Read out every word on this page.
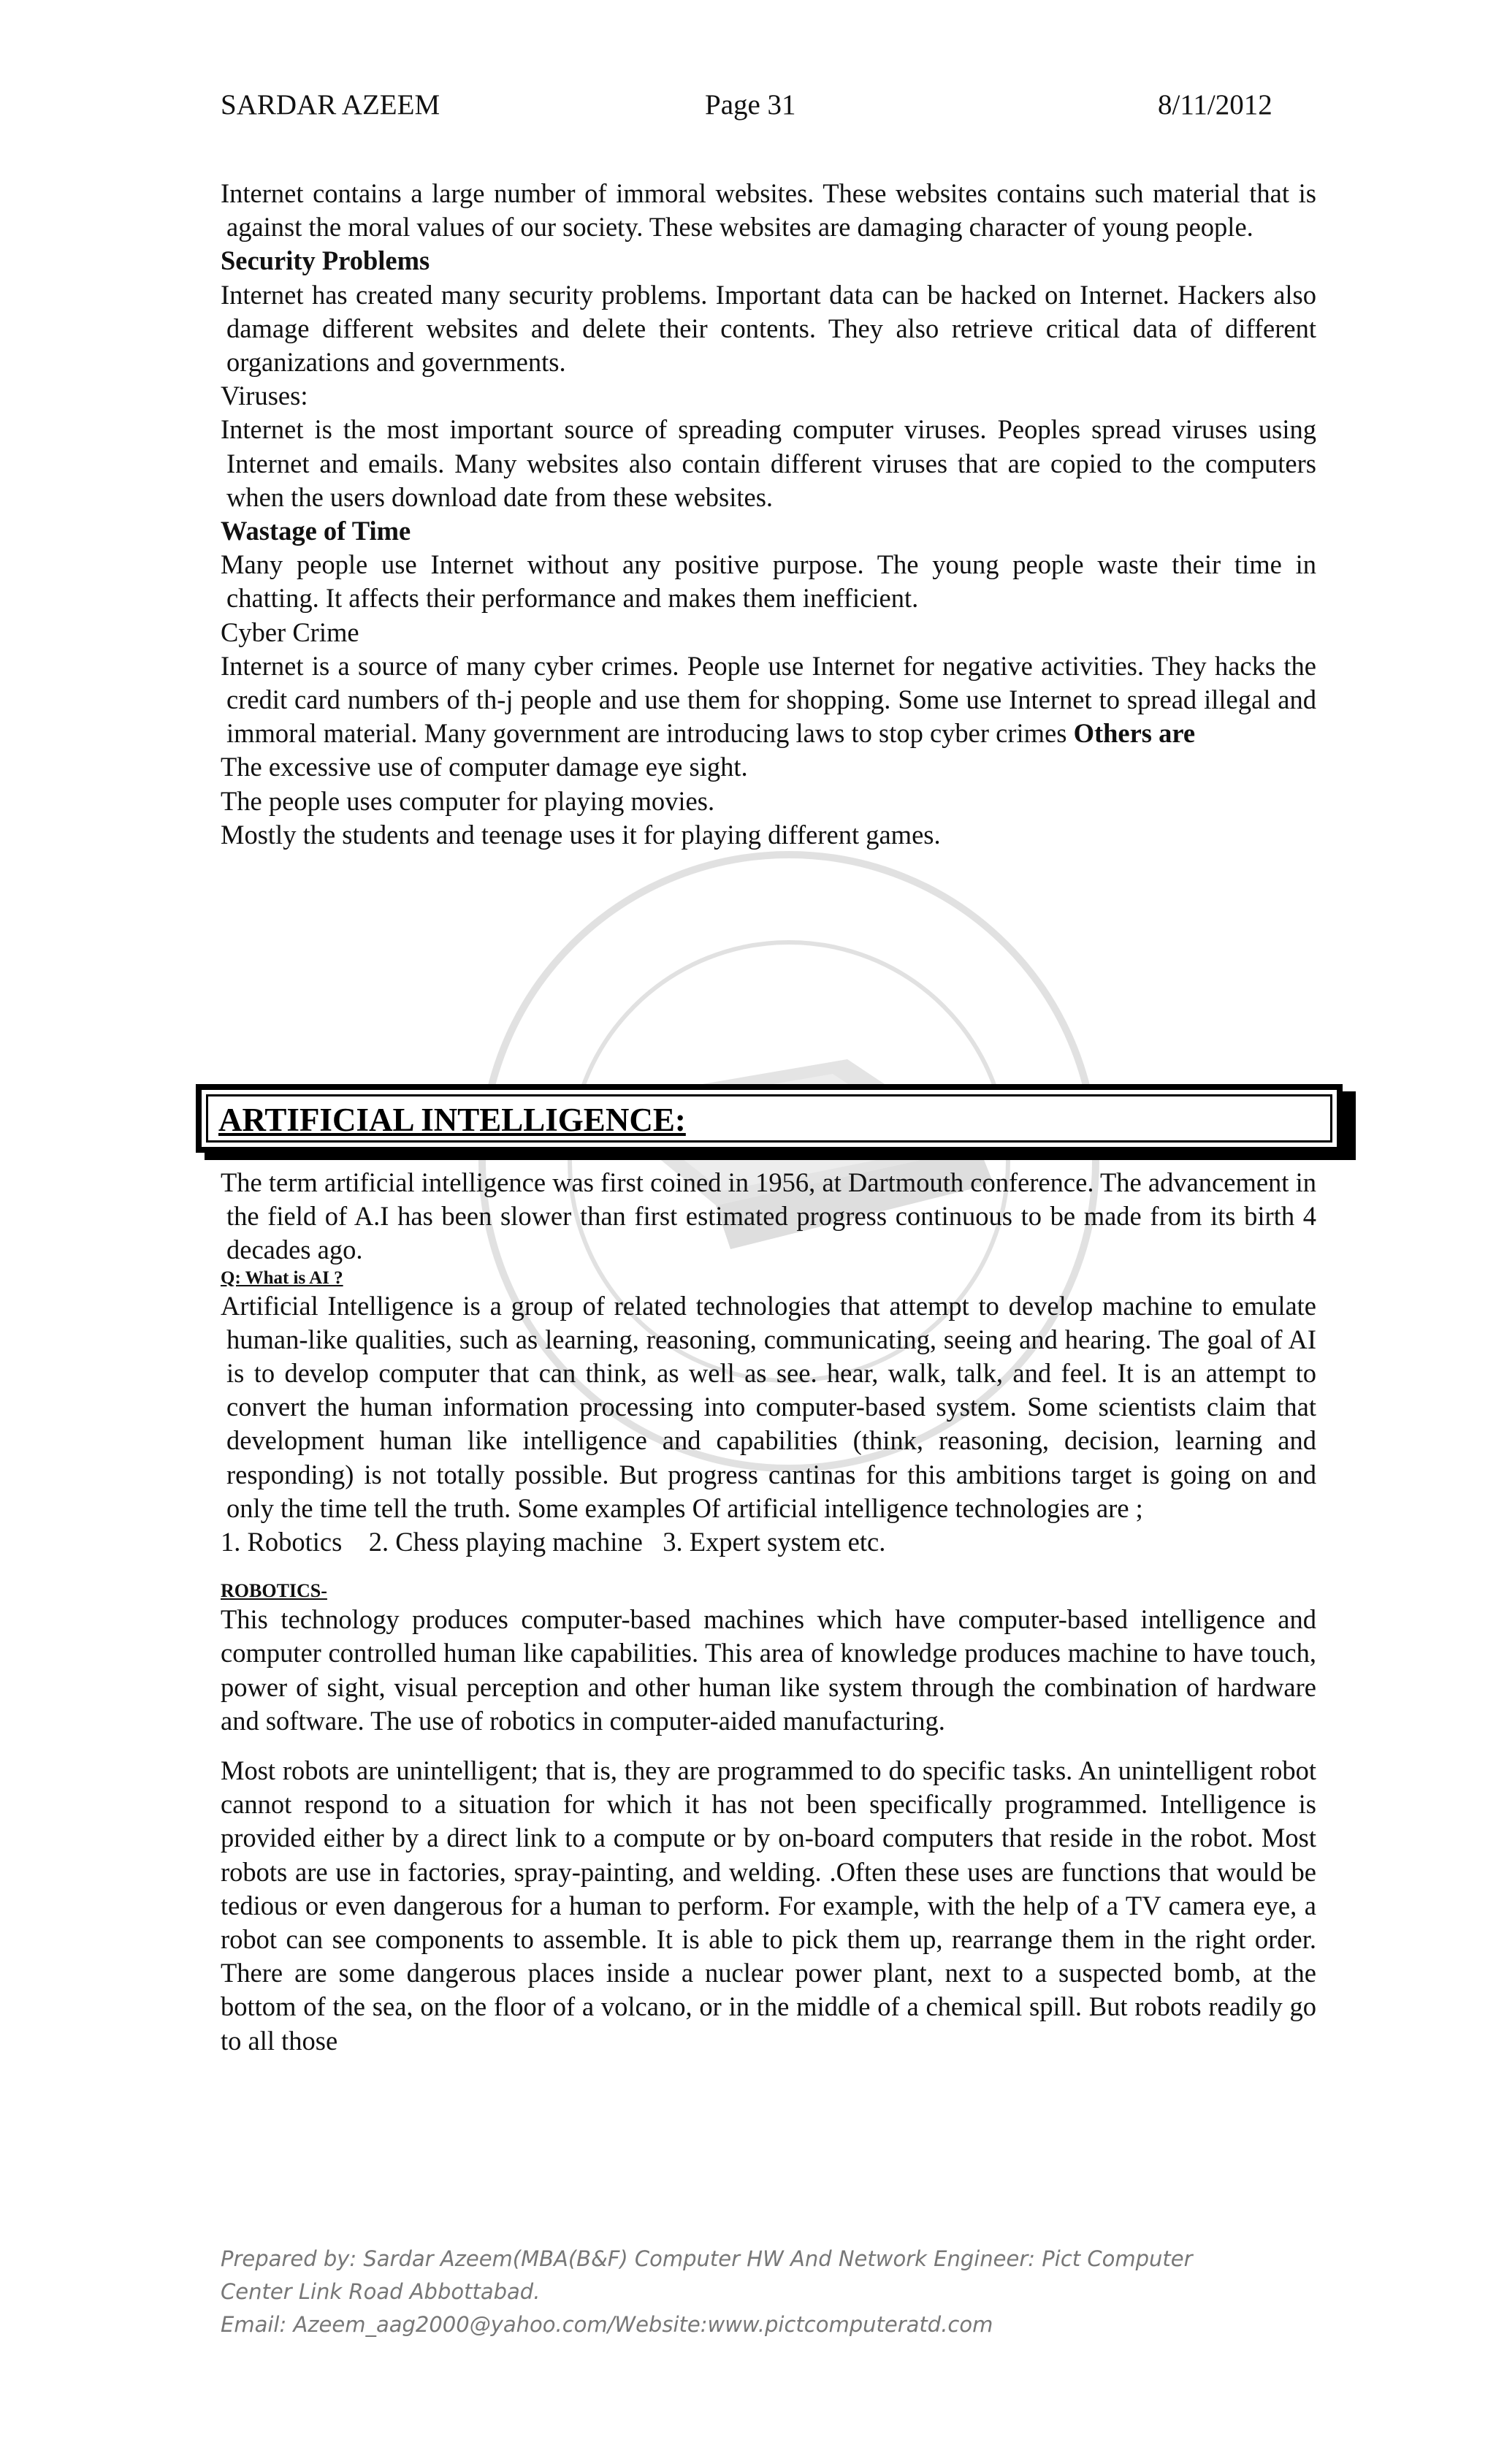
SARDAR AZEEM	Page 31	8/11/2012

Internet contains a large number of immoral websites. These websites contains such material that is against the moral values of our society. These websites are damaging character of young people.

Security Problems

Internet has created many security problems. Important data can be hacked on Internet. Hackers also damage different websites and delete their contents. They also retrieve critical data of different organizations and governments.

Viruses:

Internet is the most important source of spreading computer viruses. Peoples spread viruses using Internet and emails. Many websites also contain different viruses that are copied to the computers when the users download date from these websites.

Wastage of Time

Many people use Internet without any positive purpose. The young people waste their time in chatting. It affects their performance and makes them inefficient.

Cyber Crime

Internet is a source of many cyber crimes. People use Internet for negative activities. They hacks the credit card numbers of th-j people and use them for shopping. Some use Internet to spread illegal and immoral material. Many government are introducing laws to stop cyber crimes Others are

The excessive use of computer damage eye sight.

The people uses computer for playing movies.

Mostly the students and teenage uses it for playing different games.

ARTIFICIAL INTELLIGENCE:

The term artificial intelligence was first coined in 1956, at Dartmouth conference. The advancement in the field of A.I has been slower than first estimated progress continuous to be made from its birth 4 decades ago.

Q: What is AI ?

Artificial Intelligence is a group of related technologies that attempt to develop machine to emulate human-like qualities, such as learning, reasoning, communicating, seeing and hearing. The goal of AI is to develop computer that can think, as well as see. hear, walk, talk, and feel. It is an attempt to convert the human information processing into computer-based system. Some scientists claim that development human like intelligence and capabilities (think, reasoning, decision, learning and responding) is not totally possible. But progress cantinas for this ambitions target is going on and only the time tell the truth. Some examples Of artificial intelligence technologies are ;

1. Robotics    2. Chess playing machine   3. Expert system etc.

ROBOTICS-

This technology produces computer-based machines which have computer-based intelligence and computer controlled human like capabilities. This area of knowledge produces machine to have touch, power of sight, visual perception and other human like system through the combination of hardware and software. The use of robotics in computer-aided manufacturing.

Most robots are unintelligent; that is, they are programmed to do specific tasks. An unintelligent robot cannot respond to a situation for which it has not been specifically programmed. Intelligence is provided either by a direct link to a compute or by on-board computers that reside in the robot. Most robots are use in factories, spray-painting, and welding. .Often these uses are functions that would be tedious or even dangerous for a human to perform. For example, with the help of a TV camera eye, a robot can see components to assemble. It is able to pick them up, rearrange them in the right order. There are some dangerous places inside a nuclear power plant, next to a suspected bomb, at the bottom of the sea, on the floor of a volcano, or in the middle of a chemical spill. But robots readily go to all those

Prepared by: Sardar Azeem(MBA(B&F) Computer HW And Network Engineer: Pict Computer
Center Link Road Abbottabad.
Email: Azeem_aag2000@yahoo.com/Website:www.pictcomputeratd.com
